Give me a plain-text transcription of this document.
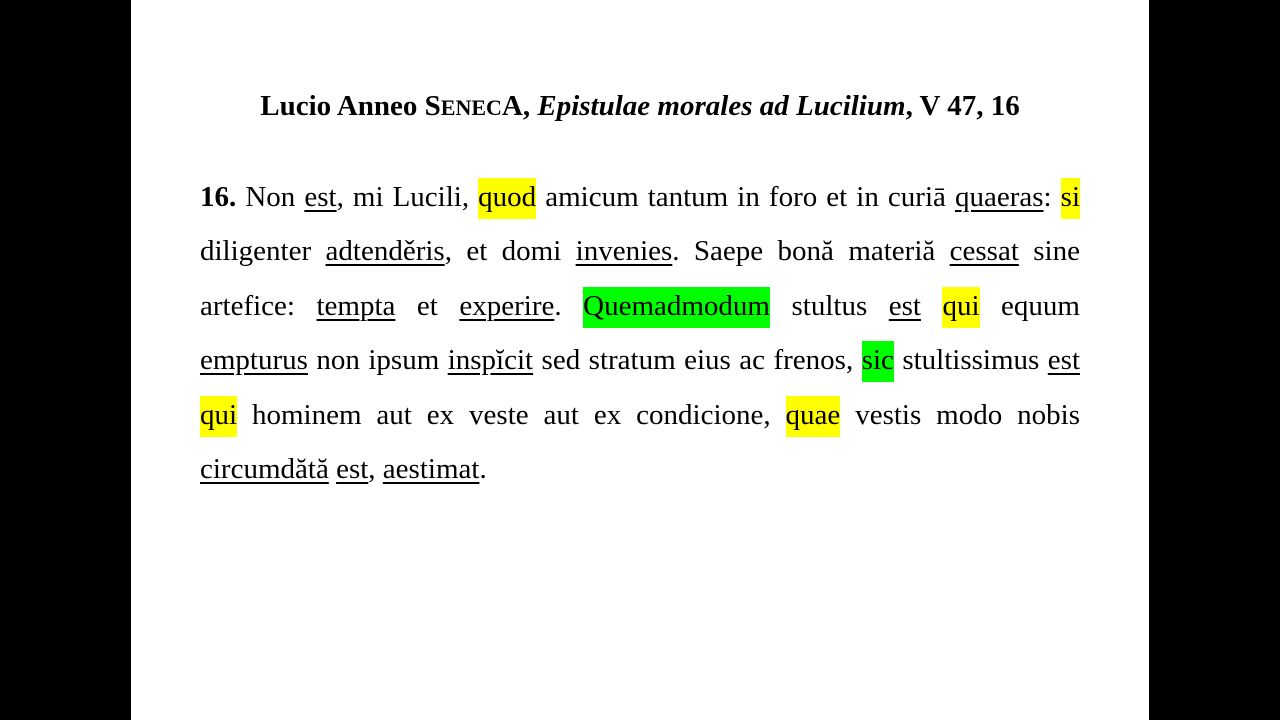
Lucio Anneo SENECA, Epistulae morales ad Lucilium, V 47, 16

16. Non est, mi Lucili, quod amicum tantum in foro et in curiā quaeras: si diligenter adtenděris, et domi invenies. Saepe bonă materiă cessat sine artefice: tempta et experire. Quemadmodum stultus est qui equum empturus non ipsum inspĭcit sed stratum eius ac frenos, sic stultissimus est qui hominem aut ex veste aut ex condicione, quae vestis modo nobis circumdătă est, aestimat.
